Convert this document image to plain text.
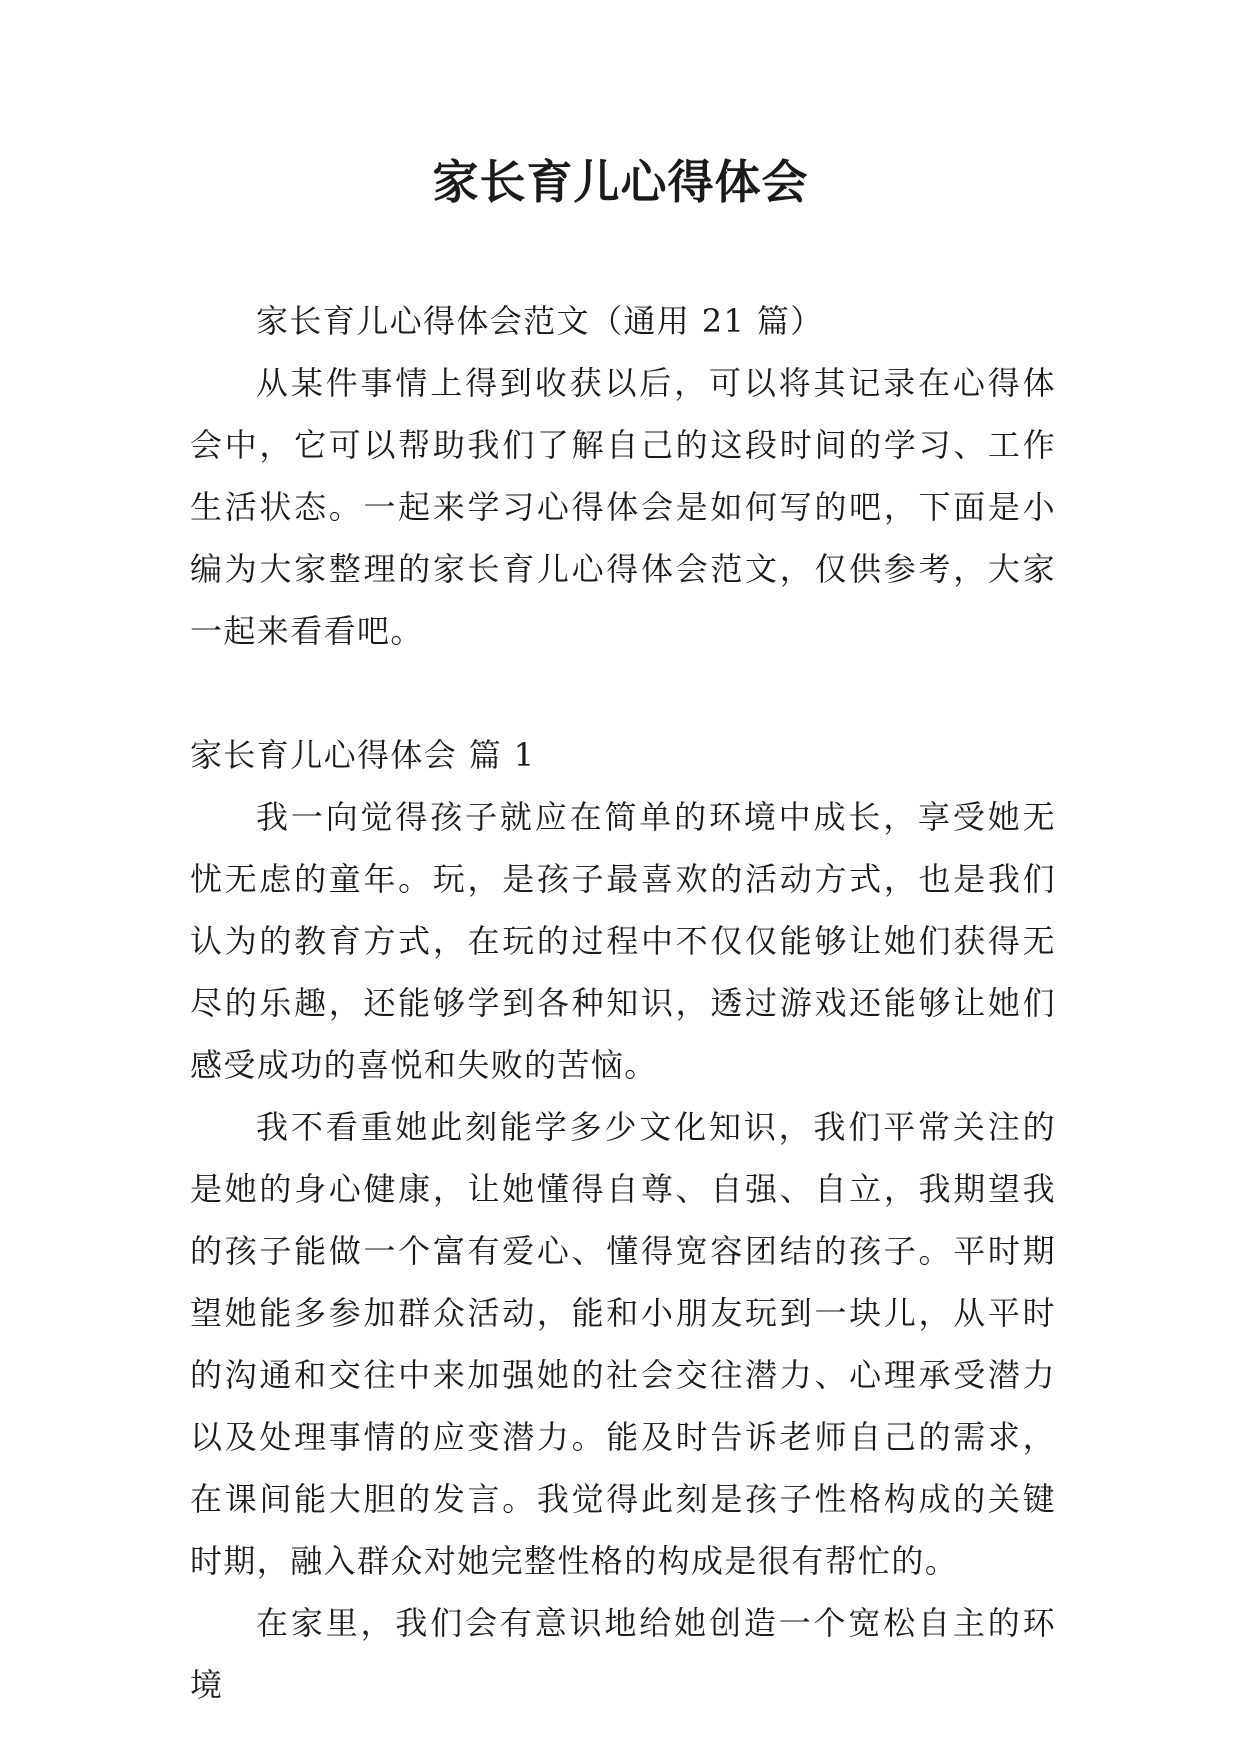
家长育儿心得体会

家长育儿心得体会范文（通用 21 篇）

从某件事情上得到收获以后，可以将其记录在心得体会中，它可以帮助我们了解自己的这段时间的学习、工作生活状态。一起来学习心得体会是如何写的吧，下面是小编为大家整理的家长育儿心得体会范文，仅供参考，大家一起来看看吧。

家长育儿心得体会 篇 1

我一向觉得孩子就应在简单的环境中成长，享受她无忧无虑的童年。玩，是孩子最喜欢的活动方式，也是我们认为的教育方式，在玩的过程中不仅仅能够让她们获得无尽的乐趣，还能够学到各种知识，透过游戏还能够让她们感受成功的喜悦和失败的苦恼。

我不看重她此刻能学多少文化知识，我们平常关注的是她的身心健康，让她懂得自尊、自强、自立，我期望我的孩子能做一个富有爱心、懂得宽容团结的孩子。平时期望她能多参加群众活动，能和小朋友玩到一块儿，从平时的沟通和交往中来加强她的社会交往潜力、心理承受潜力以及处理事情的应变潜力。能及时告诉老师自己的需求，在课间能大胆的发言。我觉得此刻是孩子性格构成的关键时期，融入群众对她完整性格的构成是很有帮忙的。

在家里，我们会有意识地给她创造一个宽松自主的环境
